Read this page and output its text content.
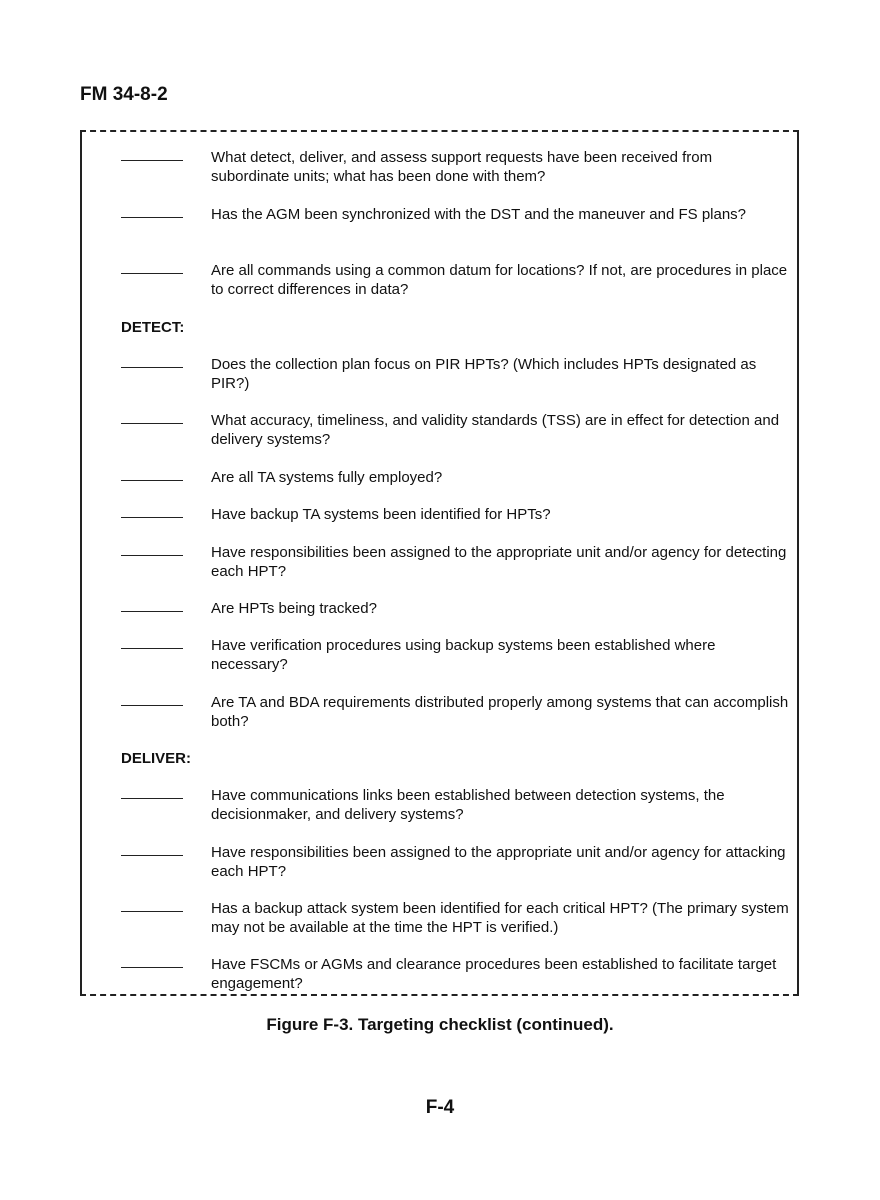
FM 34-8-2

What detect, deliver, and assess support requests have been received from subordinate units; what has been done with them?

Has the AGM been synchronized with the DST and the maneuver and FS plans?

Are all commands using a common datum for locations? If not, are procedures in place to correct differences in data?

DETECT:

Does the collection plan focus on PIR HPTs? (Which includes HPTs designated as PIR?)

What accuracy, timeliness, and validity standards (TSS) are in effect for detection and delivery systems?

Are all TA systems fully employed?

Have backup TA systems been identified for HPTs?

Have responsibilities been assigned to the appropriate unit and/or agency for detecting each HPT?

Are HPTs being tracked?

Have verification procedures using backup systems been established where necessary?

Are TA and BDA requirements distributed properly among systems that can accomplish both?

DELIVER:

Have communications links been established between detection systems, the decisionmaker, and delivery systems?

Have responsibilities been assigned to the appropriate unit and/or agency for attacking each HPT?

Has a backup attack system been identified for each critical HPT? (The primary system may not be available at the time the HPT is verified.)

Have FSCMs or AGMs and clearance procedures been established to facilitate target engagement?

Figure F-3. Targeting checklist (continued).
F-4
